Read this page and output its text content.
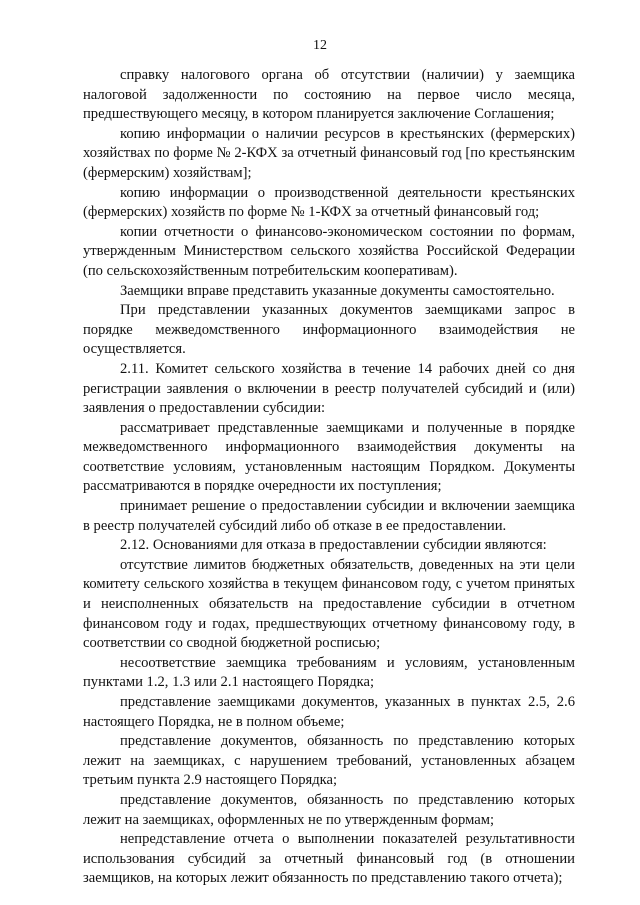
12

справку налогового органа об отсутствии (наличии) у заемщика налоговой задолженности по состоянию на первое число месяца, предшествующего месяцу, в котором планируется заключение Соглашения;

копию информации о наличии ресурсов в крестьянских (фермерских) хозяйствах по форме № 2-КФХ за отчетный финансовый год [по крестьянским (фермерским) хозяйствам];

копию информации о производственной деятельности крестьянских (фермерских) хозяйств по форме № 1-КФХ за отчетный финансовый год;

копии отчетности о финансово-экономическом состоянии по формам, утвержденным Министерством сельского хозяйства Российской Федерации (по сельскохозяйственным потребительским кооперативам).

Заемщики вправе представить указанные документы самостоятельно.

При представлении указанных документов заемщиками запрос в порядке межведомственного информационного взаимодействия не осуществляется.

2.11. Комитет сельского хозяйства в течение 14 рабочих дней со дня регистрации заявления о включении в реестр получателей субсидий и (или) заявления о предоставлении субсидии:

рассматривает представленные заемщиками и полученные в порядке межведомственного информационного взаимодействия документы на соответствие условиям, установленным настоящим Порядком. Документы рассматриваются в порядке очередности их поступления;

принимает решение о предоставлении субсидии и включении заемщика в реестр получателей субсидий либо об отказе в ее предоставлении.

2.12. Основаниями для отказа в предоставлении субсидии являются:

отсутствие лимитов бюджетных обязательств, доведенных на эти цели комитету сельского хозяйства в текущем финансовом году, с учетом принятых и неисполненных обязательств на предоставление субсидии в отчетном финансовом году и годах, предшествующих отчетному финансовому году, в соответствии со сводной бюджетной росписью;

несоответствие заемщика требованиям и условиям, установленным пунктами 1.2, 1.3 или 2.1 настоящего Порядка;

представление заемщиками документов, указанных в пунктах 2.5, 2.6 настоящего Порядка, не в полном объеме;

представление документов, обязанность по представлению которых лежит на заемщиках, с нарушением требований, установленных абзацем третьим пункта 2.9 настоящего Порядка;

представление документов, обязанность по представлению которых лежит на заемщиках, оформленных не по утвержденным формам;

непредставление отчета о выполнении показателей результативности использования субсидий за отчетный финансовый год (в отношении заемщиков, на которых лежит обязанность по представлению такого отчета);
